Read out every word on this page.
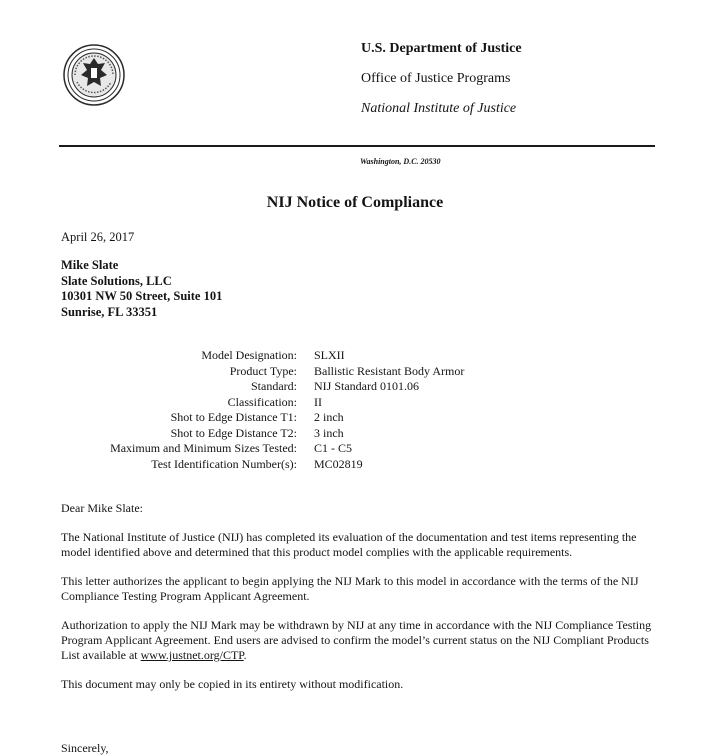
U.S. Department of Justice
Office of Justice Programs
National Institute of Justice
Washington, D.C. 20530
NIJ Notice of Compliance
April 26, 2017
Mike Slate
Slate Solutions, LLC
10301 NW 50 Street, Suite 101
Sunrise, FL 33351
Model Designation: SLXII
Product Type: Ballistic Resistant Body Armor
Standard: NIJ Standard 0101.06
Classification: II
Shot to Edge Distance T1: 2 inch
Shot to Edge Distance T2: 3 inch
Maximum and Minimum Sizes Tested: C1 - C5
Test Identification Number(s): MC02819

Dear Mike Slate:

The National Institute of Justice (NIJ) has completed its evaluation of the documentation and test items representing the model identified above and determined that this product model complies with the applicable requirements.

This letter authorizes the applicant to begin applying the NIJ Mark to this model in accordance with the terms of the NIJ Compliance Testing Program Applicant Agreement.

Authorization to apply the NIJ Mark may be withdrawn by NIJ at any time in accordance with the NIJ Compliance Testing Program Applicant Agreement. End users are advised to confirm the model’s current status on the NIJ Compliant Products List available at www.justnet.org/CTP.

This document may only be copied in its entirety without modification.

Sincerely,
